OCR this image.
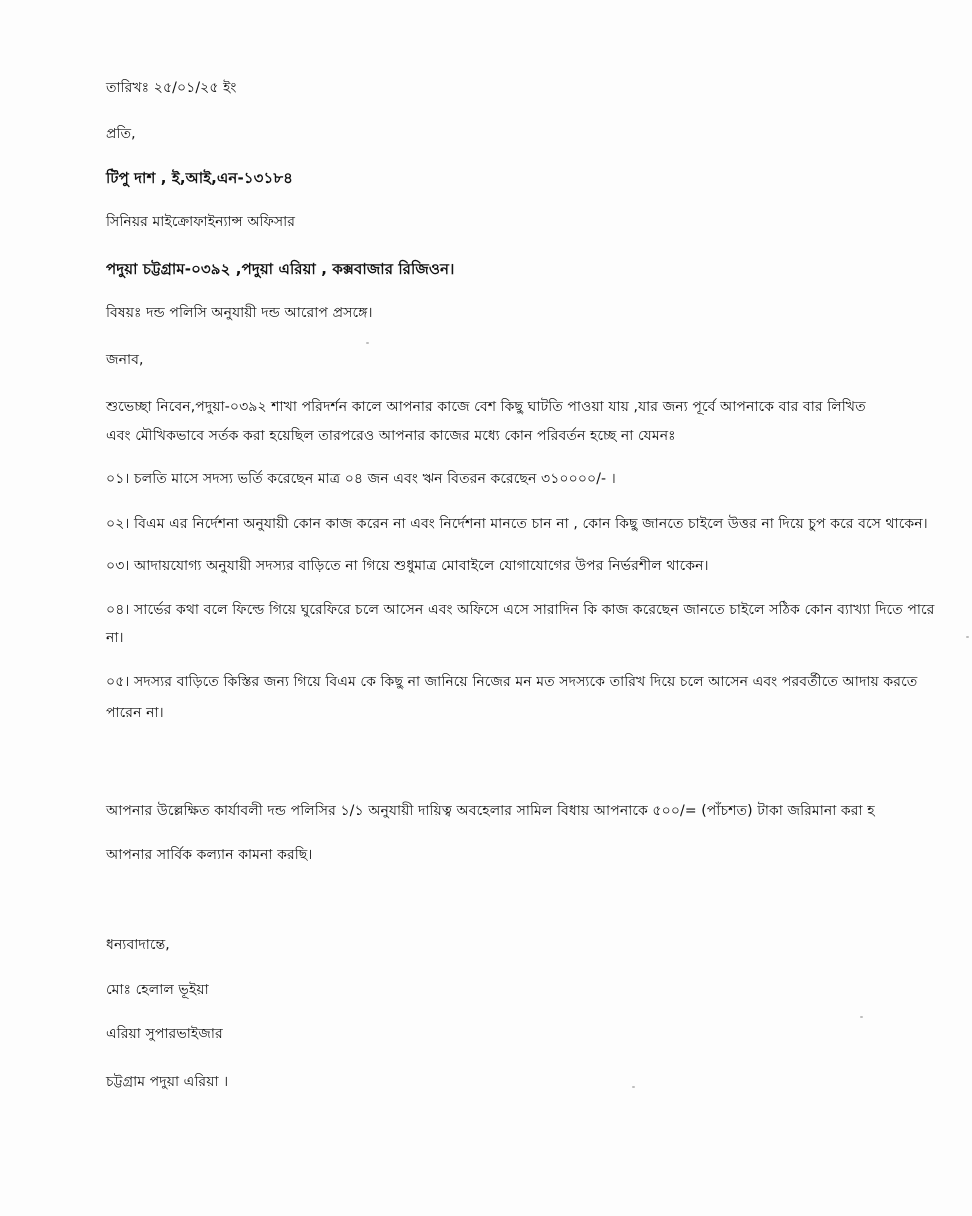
তারিখঃ ২৫/০১/২৫ ইং
প্রতি,
টিপু দাশ , ই,আই,এন-১৩১৮৪
সিনিয়র মাইক্রোফাইন্যান্স অফিসার
পদুয়া চট্টগ্রাম-০৩৯২ ,পদুয়া এরিয়া , কক্সবাজার রিজিওন।
বিষয়ঃ দন্ড পলিসি অনুযায়ী দন্ড আরোপ প্রসঙ্গে।
জনাব,
শুভেচ্ছা নিবেন,পদুয়া-০৩৯২ শাখা পরিদর্শন কালে আপনার কাজে বেশ কিছু ঘাটতি পাওয়া যায় ,যার জন্য পূর্বে আপনাকে বার বার লিখিত
এবং মৌখিকভাবে সর্তক করা হয়েছিল তারপরেও আপনার কাজের মধ্যে কোন পরিবর্তন হচ্ছে না যেমনঃ
০১। চলতি মাসে সদস্য ভর্তি করেছেন মাত্র ০৪ জন এবং ঋন বিতরন করেছেন ৩১০০০০/- ।
০২। বিএম এর নির্দেশনা অনুযায়ী কোন কাজ করেন না এবং নির্দেশনা মানতে চান না , কোন কিছু জানতে চাইলে উত্তর না দিয়ে চুপ করে বসে থাকেন।
০৩। আদায়যোগ্য অনুযায়ী সদস্যর বাড়িতে না গিয়ে শুধুমাত্র মোবাইলে যোগাযোগের উপর নির্ভরশীল থাকেন।
০৪। সার্ভের কথা বলে ফিল্ডে গিয়ে ঘুরেফিরে চলে আসেন এবং অফিসে এসে সারাদিন কি কাজ করেছেন জানতে চাইলে সঠিক কোন ব্যাখ্যা দিতে পারে
না।
০৫। সদস্যর বাড়িতে কিস্তির জন্য গিয়ে বিএম কে কিছু না জানিয়ে নিজের মন মত সদস্যকে তারিখ দিয়ে চলে আসেন এবং পরবর্তীতে আদায় করতে
পারেন না।
আপনার উল্লেক্ষিত কার্যাবলী দন্ড পলিসির ১/১ অনুযায়ী দায়িত্ব অবহেলার সামিল বিধায় আপনাকে ৫০০/= (পাঁচশত) টাকা জরিমানা করা হ
আপনার সার্বিক কল্যান কামনা করছি।
ধন্যবাদান্তে,
মোঃ হেলাল ভূইয়া
এরিয়া সুপারভাইজার
চট্টগ্রাম পদুয়া এরিয়া ।
